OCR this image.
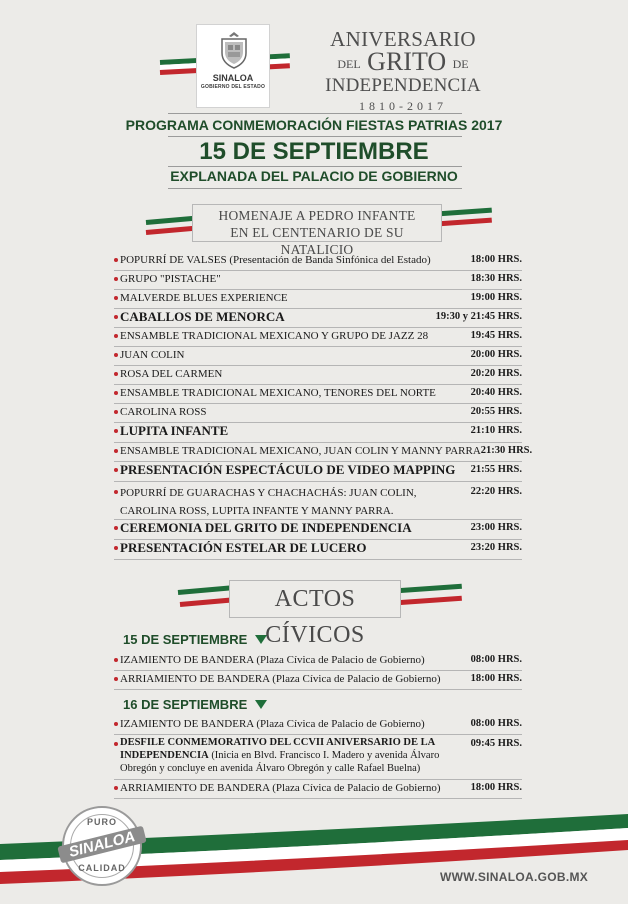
SINALOA
GOBIERNO DEL ESTADO
ANIVERSARIO
DEL GRITO DE
INDEPENDENCIA
1810-2017
PROGRAMA CONMEMORACIÓN FIESTAS PATRIAS 2017
15 DE SEPTIEMBRE
EXPLANADA DEL PALACIO DE GOBIERNO
HOMENAJE A PEDRO INFANTE
EN EL CENTENARIO DE SU NATALICIO
POPURRÍ DE VALSES (Presentación de Banda Sinfónica del Estado)	18:00 HRS.
GRUPO "PISTACHE"	18:30 HRS.
MALVERDE BLUES EXPERIENCE	19:00 HRS.
CABALLOS DE MENORCA	19:30 y 21:45 HRS.
ENSAMBLE TRADICIONAL MEXICANO Y GRUPO DE JAZZ 28	19:45 HRS.
JUAN COLIN	20:00 HRS.
ROSA DEL CARMEN	20:20 HRS.
ENSAMBLE TRADICIONAL MEXICANO, TENORES DEL NORTE	20:40 HRS.
CAROLINA ROSS	20:55 HRS.
LUPITA INFANTE	21:10 HRS.
ENSAMBLE TRADICIONAL MEXICANO, JUAN COLIN Y MANNY PARRA 21:30 HRS.
PRESENTACIÓN ESPECTÁCULO DE VIDEO MAPPING	21:55 HRS.
POPURRÍ DE GUARACHAS Y CHACHACHÁS: JUAN COLIN,
CAROLINA ROSS, LUPITA INFANTE Y MANNY PARRA.
22:20 HRS.
CEREMONIA DEL GRITO DE INDEPENDENCIA	23:00 HRS.
PRESENTACIÓN ESTELAR DE LUCERO	23:20 HRS.
ACTOS CÍVICOS
15 DE SEPTIEMBRE
IZAMIENTO DE BANDERA (Plaza Cívica de Palacio de Gobierno)	08:00 HRS.
ARRIAMIENTO DE BANDERA (Plaza Cívica de Palacio de Gobierno)	18:00 HRS.
16 DE SEPTIEMBRE
IZAMIENTO DE BANDERA (Plaza Cívica de Palacio de Gobierno)	08:00 HRS.
DESFILE CONMEMORATIVO DEL CCVII ANIVERSARIO DE LA INDEPENDENCIA (Inicia en Blvd. Francisco I. Madero y avenida Álvaro Obregón y concluye en avenida Álvaro Obregón y calle Rafael Buelna)
09:45 HRS.
ARRIAMIENTO DE BANDERA (Plaza Cívica de Palacio de Gobierno)	18:00 HRS.
PURO
SINALOA
CALIDAD
WWW.SINALOA.GOB.MX
